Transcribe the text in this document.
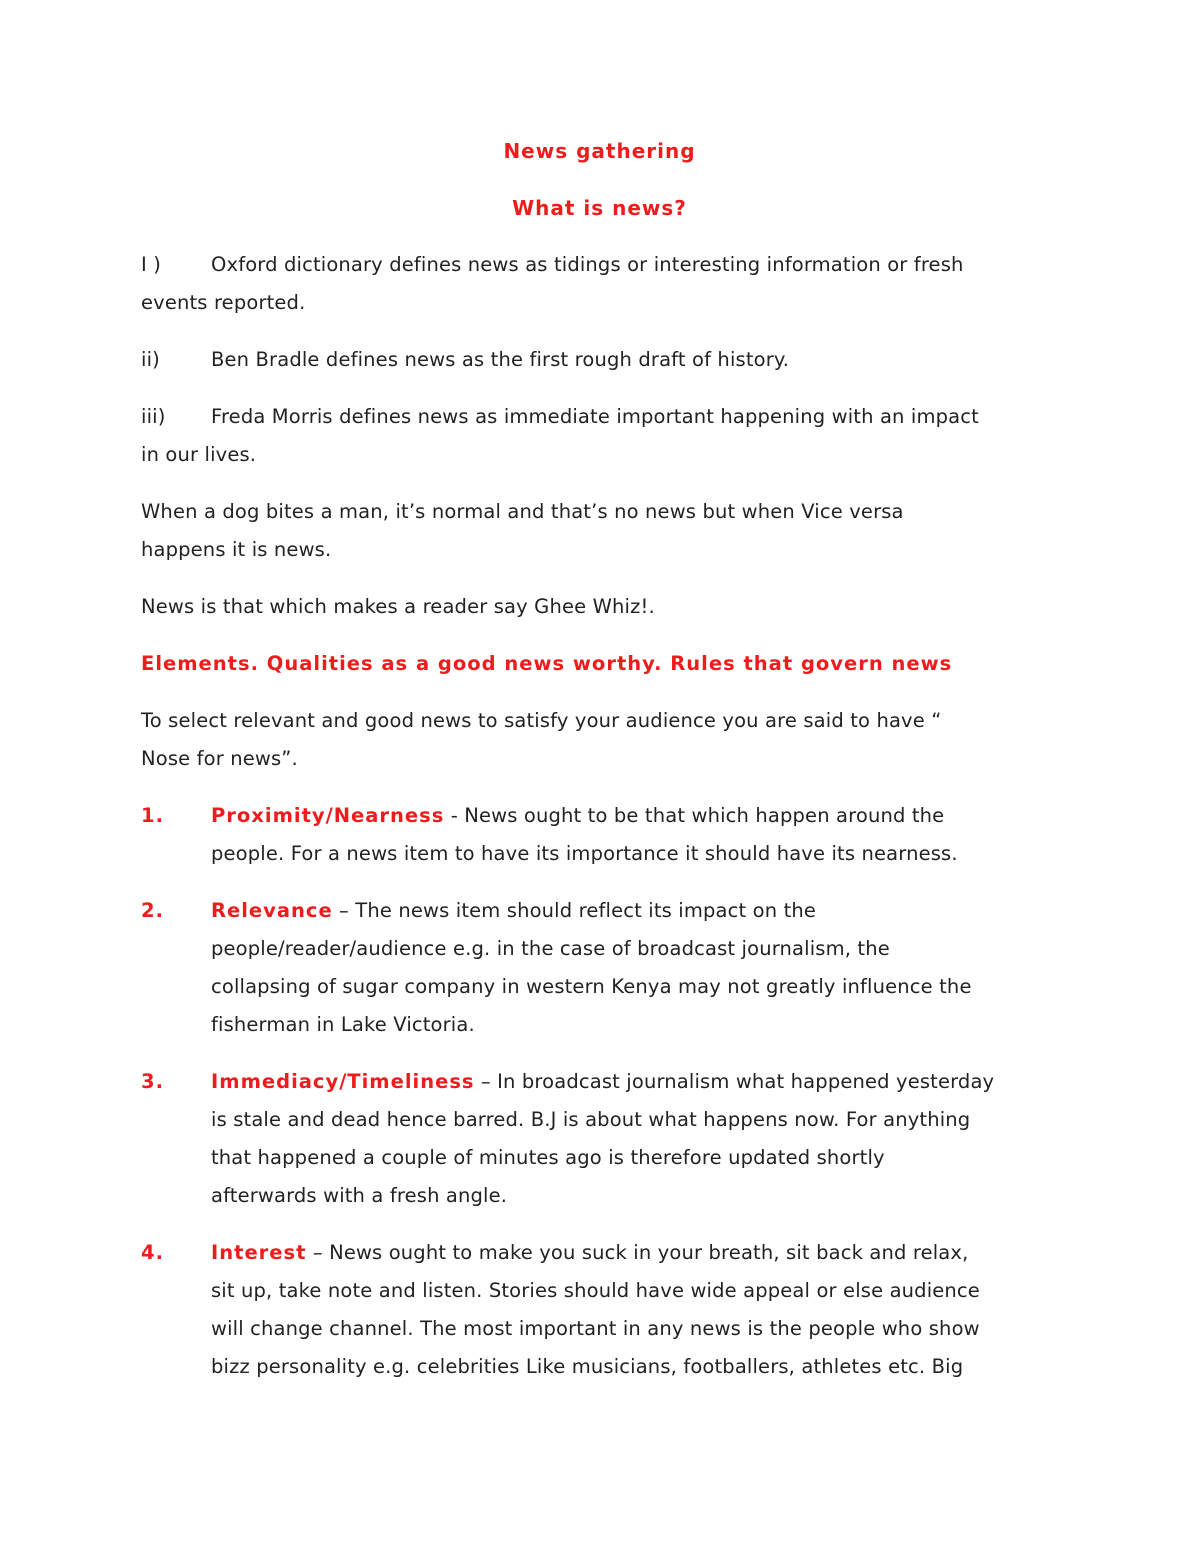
News gathering

What is news?

I )	Oxford dictionary defines news as tidings or interesting information or fresh

events reported.

ii)	Ben Bradle defines news as the first rough draft of history.
iii)	Freda Morris defines news as immediate important happening with an impact

in our lives.

When a dog bites a man, it’s normal and that’s no news but when Vice versa

happens it is news.

News is that which makes a reader say Ghee Whiz!.

Elements. Qualities as a good news worthy. Rules that govern news

To select relevant and good news to satisfy your audience you are said to have “

Nose for news”.

1.	Proximity/Nearness - News ought to be that which happen around the
people. For a news item to have its importance it should have its nearness.
2.	Relevance – The news item should reflect its impact on the
people/reader/audience e.g. in the case of broadcast journalism, the
collapsing of sugar company in western Kenya may not greatly influence the
fisherman in Lake Victoria.
3.	Immediacy/Timeliness – In broadcast journalism what happened yesterday
is stale and dead hence barred. B.J is about what happens now. For anything
that happened a couple of minutes ago is therefore updated shortly
afterwards with a fresh angle.
4.	Interest – News ought to make you suck in your breath, sit back and relax,
sit up, take note and listen. Stories should have wide appeal or else audience
will change channel. The most important in any news is the people who show
bizz personality e.g. celebrities Like musicians, footballers, athletes etc. Big
